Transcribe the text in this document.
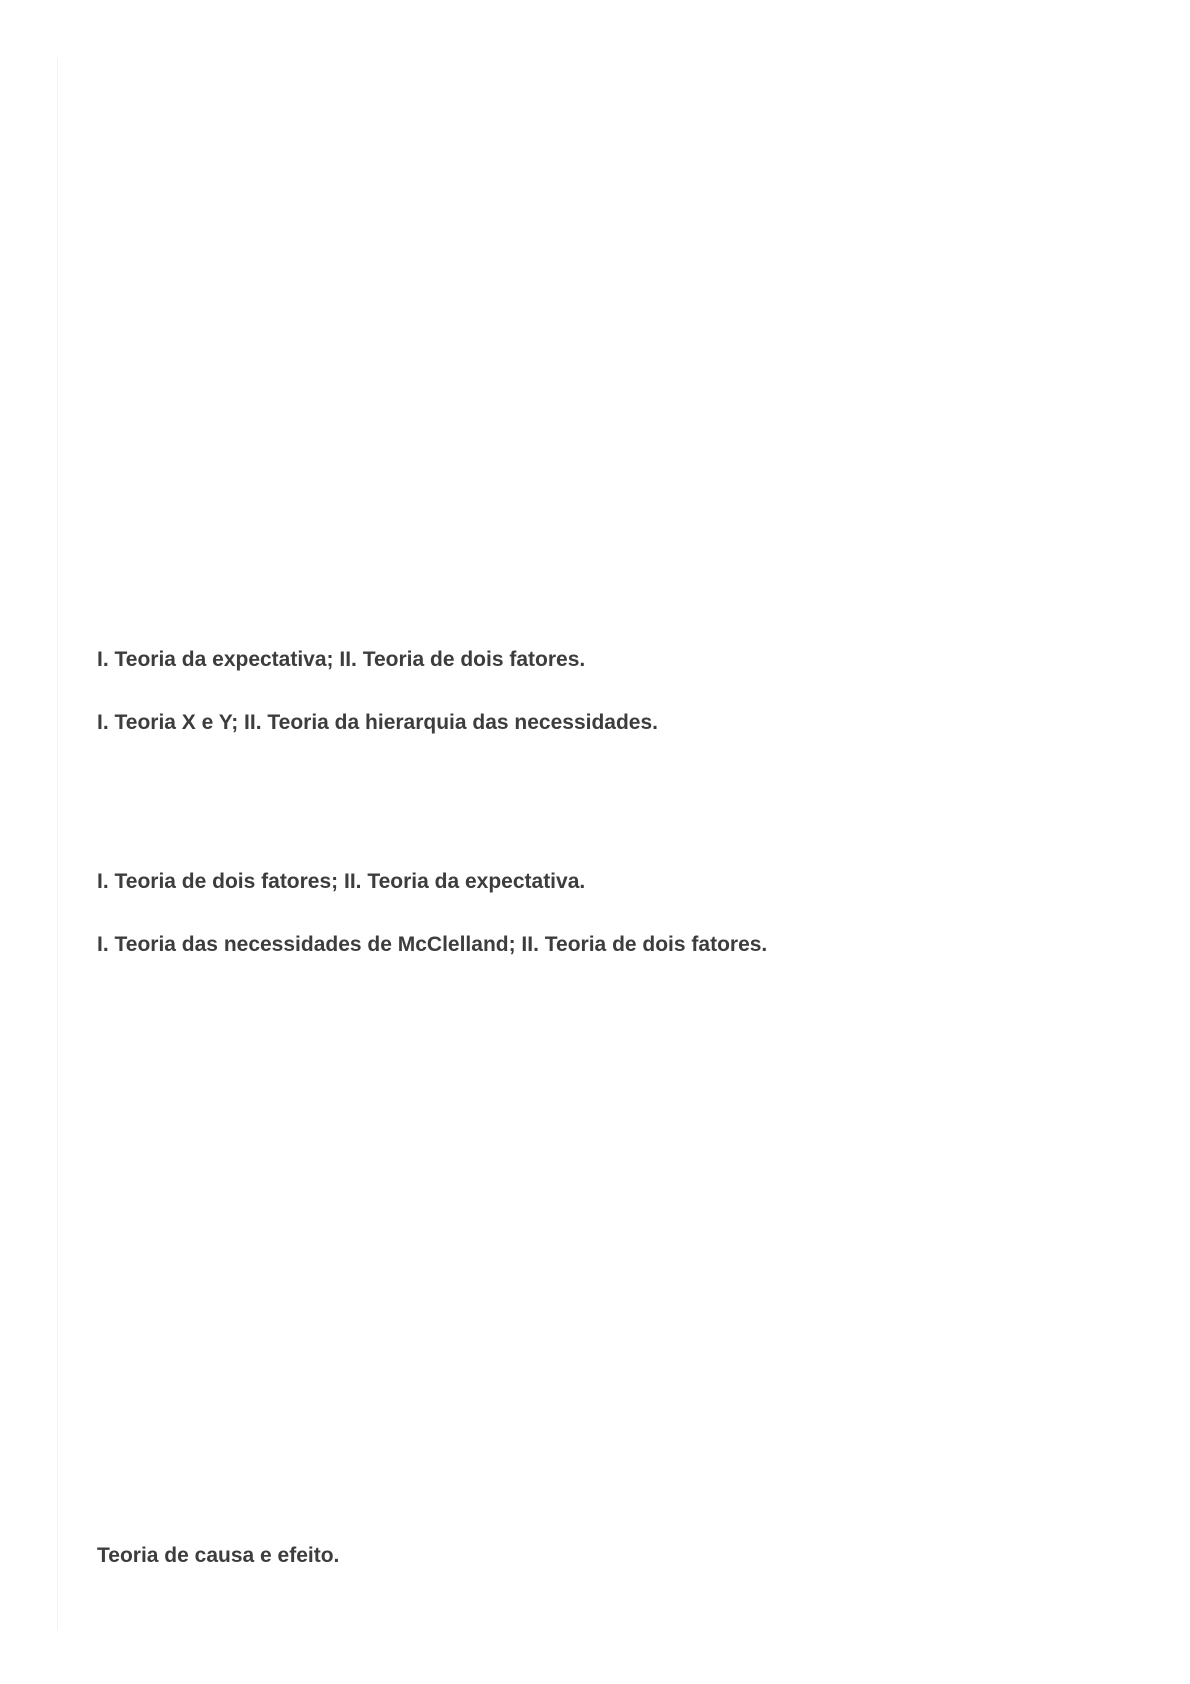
I. Teoria da expectativa; II. Teoria de dois fatores.

I. Teoria X e Y; II. Teoria da hierarquia das necessidades.

I. Teoria de dois fatores; II. Teoria da expectativa.

I. Teoria das necessidades de McClelland; II. Teoria de dois fatores.

Teoria de causa e efeito.
